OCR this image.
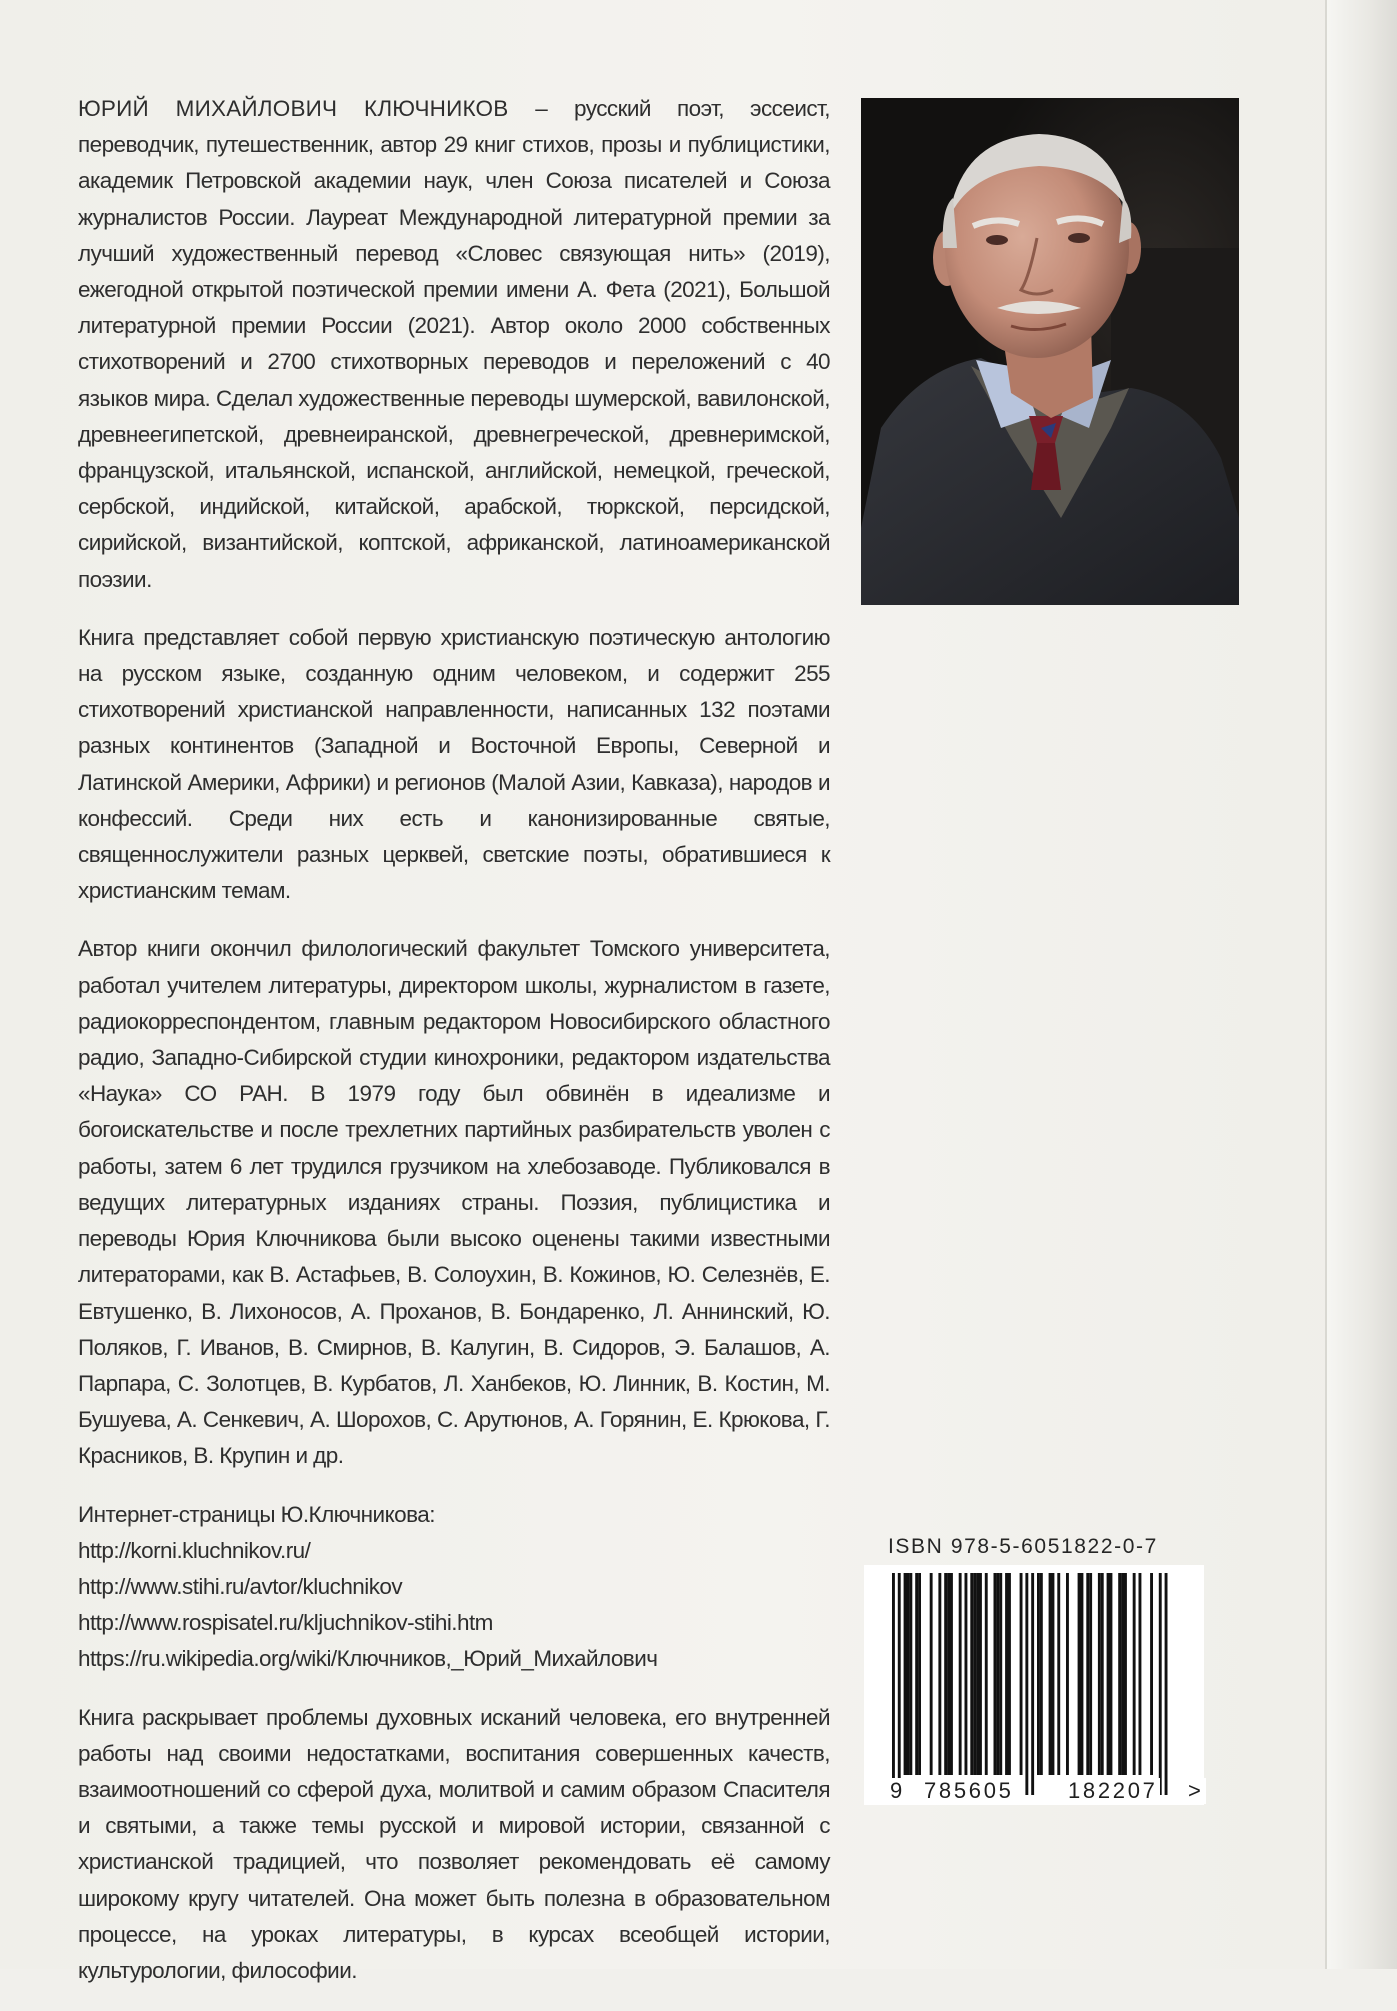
ЮРИЙ МИХАЙЛОВИЧ КЛЮЧНИКОВ – русский поэт, эссеист, переводчик, путешественник, автор 29 книг стихов, прозы и публицистики, академик Петровской академии наук, член Союза писателей и Союза журналистов России. Лауреат Международной литературной премии за лучший художественный перевод «Словес связующая нить» (2019), ежегодной открытой поэтической премии имени А. Фета (2021), Большой литературной премии России (2021). Автор около 2000 собственных стихотворений и 2700 стихотворных переводов и переложений с 40 языков мира. Сделал художественные переводы шумерской, вавилонской, древнеегипетской, древнеиранской, древнегреческой, древнеримской, французской, итальянской, испанской, английской, немецкой, греческой, сербской, индийской, китайской, арабской, тюркской, персидской, сирийской, византийской, коптской, африканской, латиноамериканской поэзии.

Книга представляет собой первую христианскую поэтическую антологию на русском языке, созданную одним человеком, и содержит 255 стихотворений христианской направленности, написанных 132 поэтами разных континентов (Западной и Восточной Европы, Северной и Латинской Америки, Африки) и регионов (Малой Азии, Кавказа), народов и конфессий. Среди них есть и канонизированные святые, священнослужители разных церквей, светские поэты, обратившиеся к христианским темам.

Автор книги окончил филологический факультет Томского университета, работал учителем литературы, директором школы, журналистом в газете, радиокорреспондентом, главным редактором Новосибирского областного радио, Западно-Сибирской студии кинохроники, редактором издательства «Наука» СО РАН. В 1979 году был обвинён в идеализме и богоискательстве и после трехлетних партийных разбирательств уволен с работы, затем 6 лет трудился грузчиком на хлебозаводе. Публиковался в ведущих литературных изданиях страны. Поэзия, публицистика и переводы Юрия Ключникова были высоко оценены такими известными литераторами, как В. Астафьев, В. Солоухин, В. Кожинов, Ю. Селезнёв, Е. Евтушенко, В. Лихоносов, А. Проханов, В. Бондаренко, Л. Аннинский, Ю. Поляков, Г. Иванов, В. Смирнов, В. Калугин, В. Сидоров, Э. Балашов, А. Парпара, С. Золотцев, В. Курбатов, Л. Ханбеков, Ю. Линник, В. Костин, М. Бушуева, А. Сенкевич, А. Шорохов, С. Арутюнов, А. Горянин, Е. Крюкова, Г. Красников, В. Крупин и др.

Интернет-страницы Ю.Ключникова:
http://korni.kluchnikov.ru/
http://www.stihi.ru/avtor/kluchnikov
http://www.rospisatel.ru/kljuchnikov-stihi.htm
https://ru.wikipedia.org/wiki/Ключников,_Юрий_Михайлович

Книга раскрывает проблемы духовных исканий человека, его внутренней работы над своими недостатками, воспитания совершенных качеств, взаимоотношений со сферой духа, молитвой и самим образом Спасителя и святыми, а также темы русской и мировой истории, связанной с христианской традицией, что позволяет рекомендовать её самому широкому кругу читателей. Она может быть полезна в образовательном процессе, на уроках литературы, в курсах всеобщей истории, культурологии, философии.

ISBN 978-5-6051822-0-7
9 785605 182207 >
